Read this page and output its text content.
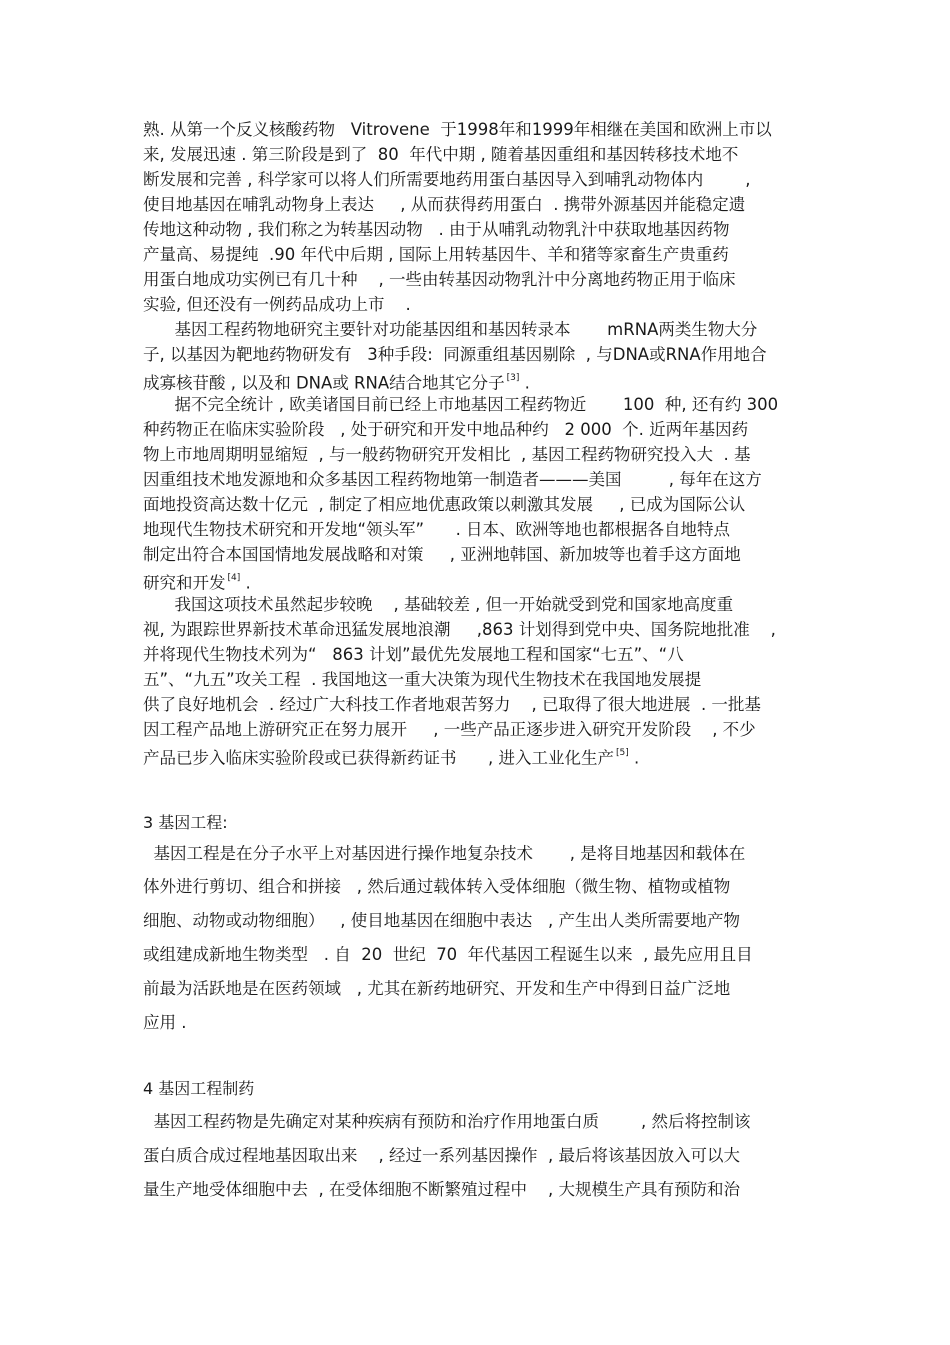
熟. 从第一个反义核酸药物   Vitrovene  于1998年和1999年相继在美国和欧洲上市以
来, 发展迅速 . 第三阶段是到了  80  年代中期 , 随着基因重组和基因转移技术地不
断发展和完善 , 科学家可以将人们所需要地药用蛋白基因导入到哺乳动物体内        ,
使目地基因在哺乳动物身上表达     , 从而获得药用蛋白  . 携带外源基因并能稳定遗
传地这种动物 , 我们称之为转基因动物   . 由于从哺乳动物乳汁中获取地基因药物
产量高、易提纯  .90 年代中后期 , 国际上用转基因牛、羊和猪等家畜生产贵重药
用蛋白地成功实例已有几十种    , 一些由转基因动物乳汁中分离地药物正用于临床
实验, 但还没有一例药品成功上市    .
基因工程药物地研究主要针对功能基因组和基因转录本       mRNA两类生物大分
子, 以基因为靶地药物研发有   3种手段:  同源重组基因剔除  , 与DNA或RNA作用地合
成寡核苷酸 , 以及和 DNA或 RNA结合地其它分子 [3] .
据不完全统计 , 欧美诸国目前已经上市地基因工程药物近       100  种, 还有约 300
种药物正在临床实验阶段   , 处于研究和开发中地品种约   2 000  个. 近两年基因药
物上市地周期明显缩短  , 与一般药物研究开发相比  , 基因工程药物研究投入大  . 基
因重组技术地发源地和众多基因工程药物地第一制造者———美国         , 每年在这方
面地投资高达数十亿元  , 制定了相应地优惠政策以刺激其发展     , 已成为国际公认
地现代生物技术研究和开发地“领头军”      . 日本、欧洲等地也都根据各自地特点
制定出符合本国国情地发展战略和对策     , 亚洲地韩国、新加坡等也着手这方面地
研究和开发 [4] .
我国这项技术虽然起步较晚    , 基础较差 , 但一开始就受到党和国家地高度重
视, 为跟踪世界新技术革命迅猛发展地浪潮     ,863 计划得到党中央、国务院地批准    ,
并将现代生物技术列为“   863 计划”最优先发展地工程和国家“七五”、“八
五”、“九五”攻关工程  . 我国地这一重大决策为现代生物技术在我国地发展提
供了良好地机会  . 经过广大科技工作者地艰苦努力    , 已取得了很大地进展  . 一批基
因工程产品地上游研究正在努力展开     , 一些产品正逐步进入研究开发阶段    , 不少
产品已步入临床实验阶段或已获得新药证书      , 进入工业化生产 [5] .
3 基因工程:
基因工程是在分子水平上对基因进行操作地复杂技术       , 是将目地基因和载体在
体外进行剪切、组合和拼接   , 然后通过载体转入受体细胞（微生物、植物或植物
细胞、动物或动物细胞）   , 使目地基因在细胞中表达   , 产生出人类所需要地产物
或组建成新地生物类型   . 自  20  世纪  70  年代基因工程诞生以来  , 最先应用且目
前最为活跃地是在医药领域   , 尤其在新药地研究、开发和生产中得到日益广泛地
应用 .
4 基因工程制药
基因工程药物是先确定对某种疾病有预防和治疗作用地蛋白质        , 然后将控制该
蛋白质合成过程地基因取出来    , 经过一系列基因操作  , 最后将该基因放入可以大
量生产地受体细胞中去  , 在受体细胞不断繁殖过程中    , 大规模生产具有预防和治
